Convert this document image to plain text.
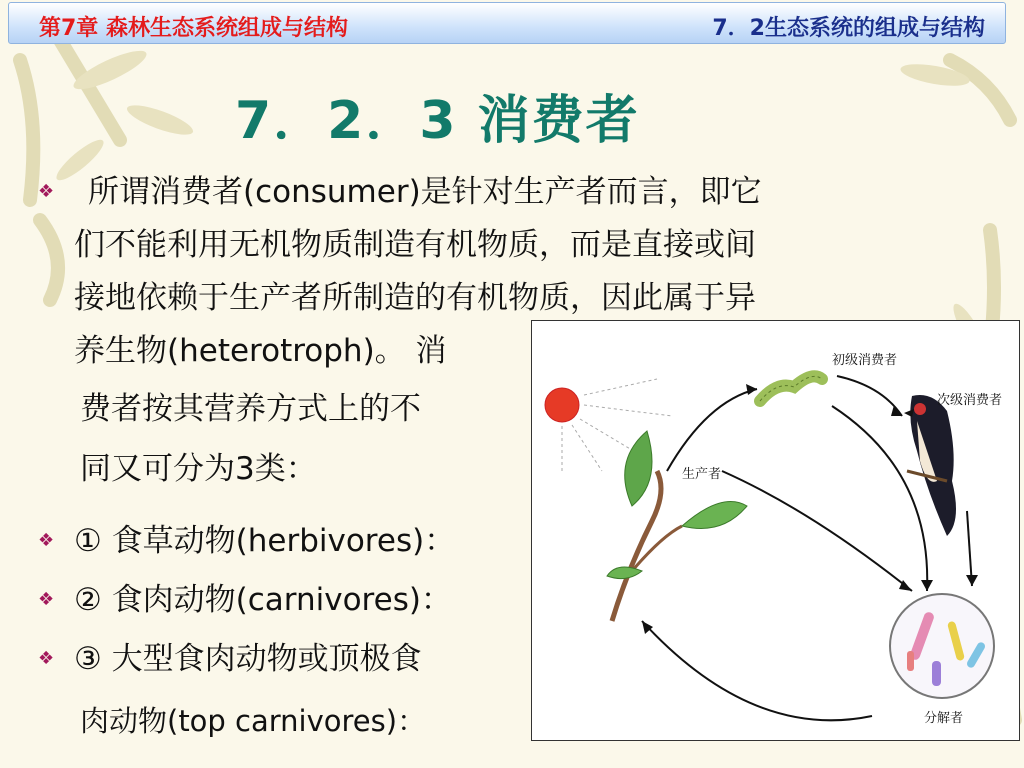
第7章 森林生态系统组成与结构	7．2生态系统的组成与结构
7．2．3 消费者
❖ 所谓消费者(consumer)是针对生产者而言，即它
们不能利用无机物质制造有机物质，而是直接或间
接地依赖于生产者所制造的有机物质，因此属于异
养生物(heterotroph)。 消
费者按其营养方式上的不
同又可分为3类：
❖ ① 食草动物(herbivores)：
❖ ② 食肉动物(carnivores)：
❖ ③ 大型食肉动物或顶极食
肉动物(top carnivores)：
初级消费者
次级消费者
生产者
分解者
